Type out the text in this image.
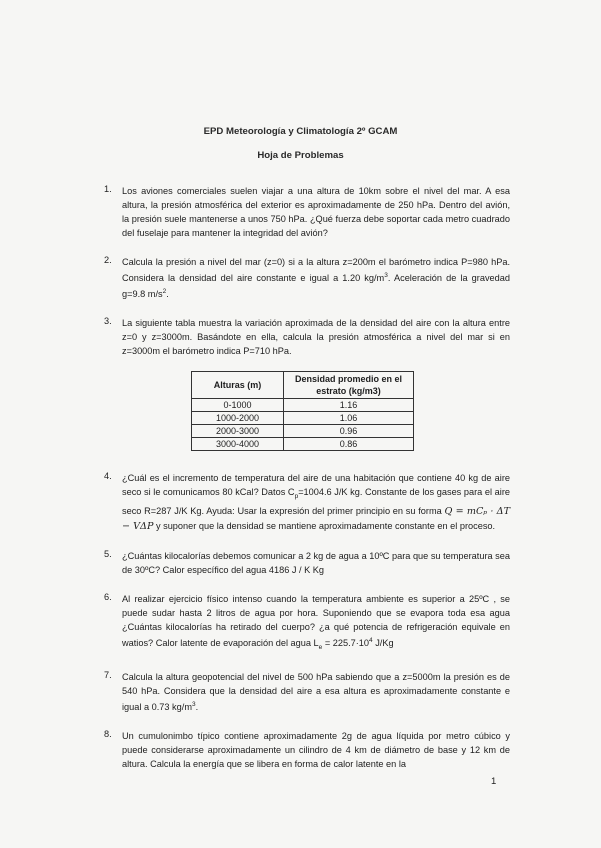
EPD Meteorología y Climatología 2º GCAM
Hoja de Problemas
1. Los aviones comerciales suelen viajar a una altura de 10km sobre el nivel del mar. A esa altura, la presión atmosférica del exterior es aproximadamente de 250 hPa. Dentro del avión, la presión suele mantenerse a unos 750 hPa. ¿Qué fuerza debe soportar cada metro cuadrado del fuselaje para mantener la integridad del avión?

2. Calcula la presión a nivel del mar (z=0) si a la altura z=200m el barómetro indica P=980 hPa. Considera la densidad del aire constante e igual a 1.20 $kg/m^3$. Aceleración de la gravedad g=9.8 $m/s^2$.

3. La siguiente tabla muestra la variación aproximada de la densidad del aire con la altura entre z=0 y z=3000m. Basándote en ella, calcula la presión atmosférica a nivel del mar si en z=3000m el barómetro indica P=710 hPa.

4. ¿Cuál es el incremento de temperatura del aire de una habitación que contiene 40 kg de aire seco si le comunicamos 80 kCal? Datos $C_p=1004.6$ J/K kg. Constante de los gases para el aire seco R=287 J/K Kg. Ayuda: Usar la expresión del primer principio en su forma Q = mCₚ · ΔT − VΔP y suponer que la densidad se mantiene aproximadamente constante en el proceso.

5. ¿Cuántas kilocalorías debemos comunicar a 2 kg de agua a 10ºC para que su temperatura sea de 30ºC? Calor específico del agua 4186 J / K Kg

6. Al realizar ejercicio físico intenso cuando la temperatura ambiente es superior a 25ºC , se puede sudar hasta 2 litros de agua por hora. Suponiendo que se evapora toda esa agua ¿Cuántas kilocalorías ha retirado del cuerpo? ¿a qué potencia de refrigeración equivale en watios? Calor latente de evaporación del agua $L_e = 225.7\cdot 10^4$ J/Kg

7. Calcula la altura geopotencial del nivel de 500 hPa sabiendo que a z=5000m la presión es de 540 hPa. Considera que la densidad del aire a esa altura es aproximadamente constante e igual a 0.73 $kg/m^3$.

8. Un cumulonimbo típico contiene aproximadamente 2g de agua líquida por metro cúbico y puede considerarse aproximadamente un cilindro de 4 km de diámetro de base y 12 km de altura. Calcula la energía que se libera en forma de calor latente en la

Alturas (m)	Densidad promedio en el estrato (kg/m3)
0-1000	1.16
1000-2000	1.06
2000-3000	0.96
3000-4000	0.86
1
